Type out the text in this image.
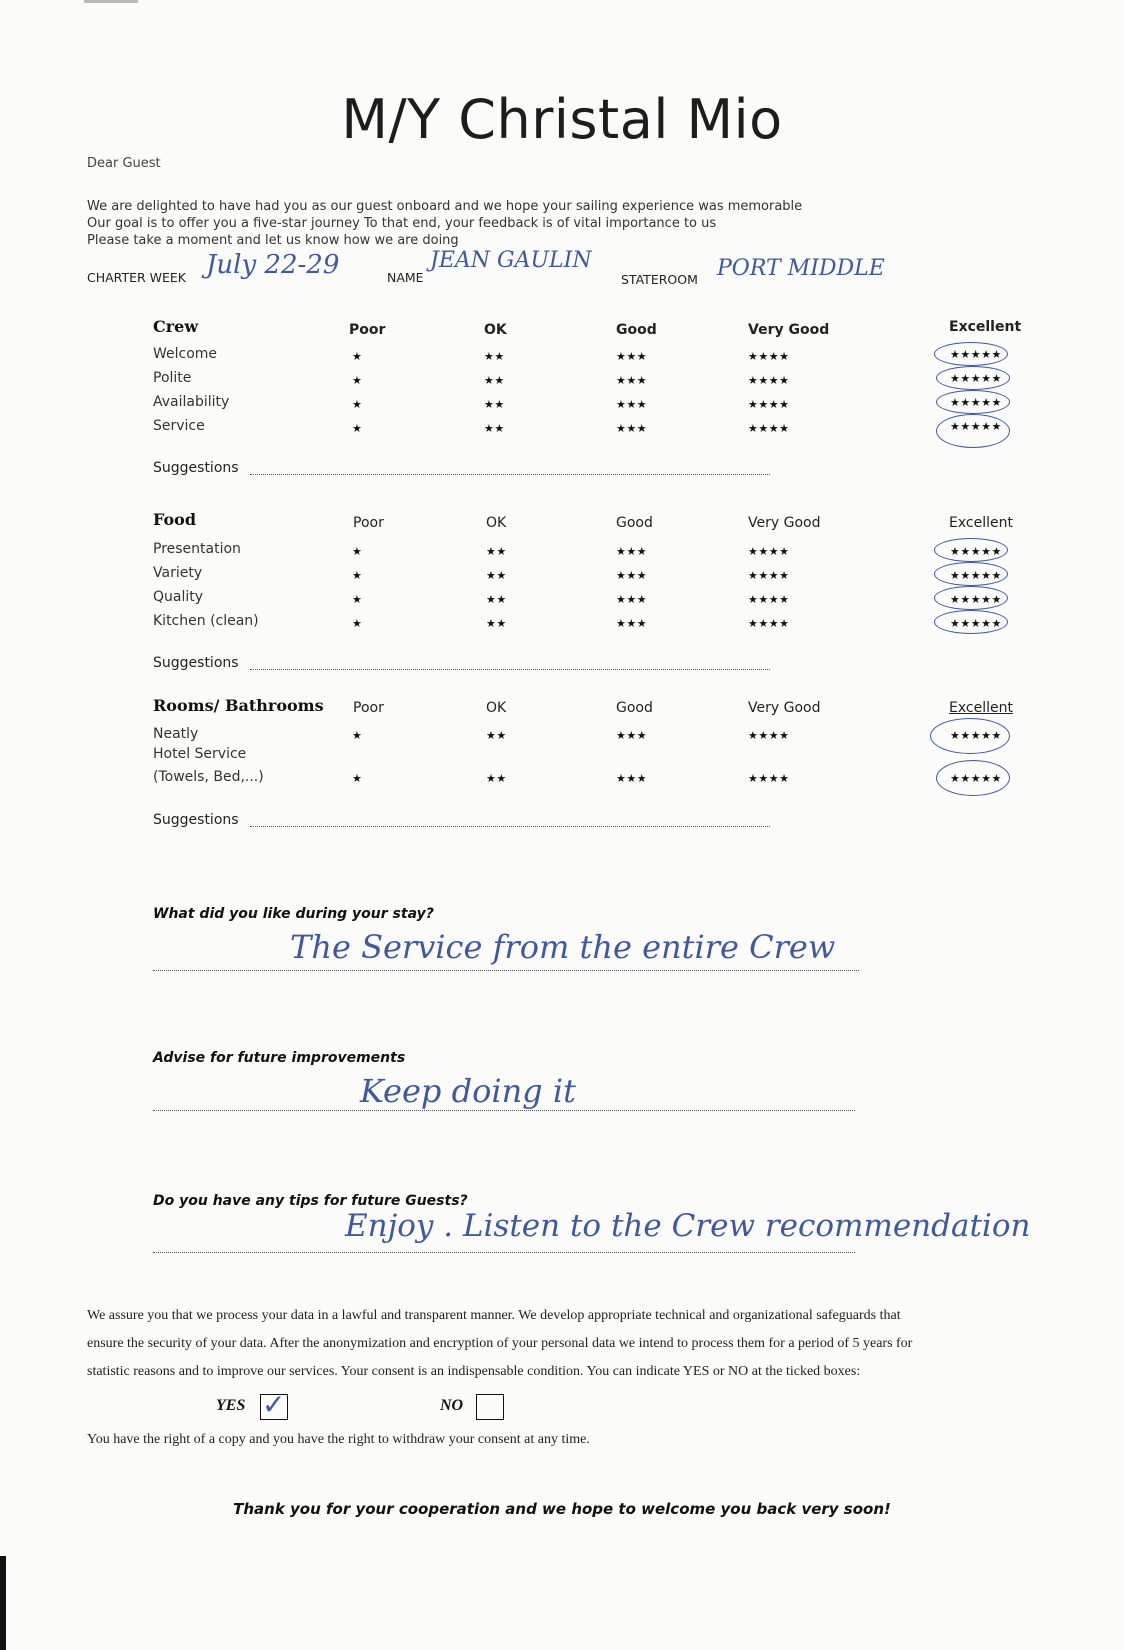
M/Y Christal Mio
Dear Guest
We are delighted to have had you as our guest onboard and we hope your sailing experience was memorable
Our goal is to offer you a five-star journey To that end, your feedback is of vital importance to us
Please take a moment and let us know how we are doing
CHARTER WEEK	NAME	STATEROOM
July 22-29	JEAN GAULIN	PORT MIDDLE
Crew	Poor	OK	Good	Very Good	Excellent
Welcome	★	★★	★★★	★★★★	★★★★★
Polite	★	★★	★★★	★★★★	★★★★★
Availability	★	★★	★★★	★★★★	★★★★★
Service	★	★★	★★★	★★★★	★★★★★
Suggestions
Food	Poor	OK	Good	Very Good	Excellent
Presentation	★	★★	★★★	★★★★	★★★★★
Variety	★	★★	★★★	★★★★	★★★★★
Quality	★	★★	★★★	★★★★	★★★★★
Kitchen (clean)	★	★★	★★★	★★★★	★★★★★
Suggestions
Rooms/ Bathrooms Poor	OK	Good	Very Good	Excellent
Neatly	★	★★	★★★	★★★★	★★★★★
Hotel Service
(Towels, Bed,...)	★	★★	★★★	★★★★	★★★★★
Suggestions
What did you like during your stay?
The Service from the entire Crew
Advise for future improvements
Keep doing it
Do you have any tips for future Guests?
Enjoy . Listen to the Crew recommendation
We assure you that we process your data in a lawful and transparent manner. We develop appropriate technical and organizational safeguards that
ensure the security of your data. After the anonymization and encryption of your personal data we intend to process them for a period of 5 years for
statistic reasons and to improve our services. Your consent is an indispensable condition. You can indicate YES or NO at the ticked boxes:
YES ✓	NO
You have the right of a copy and you have the right to withdraw your consent at any time.
Thank you for your cooperation and we hope to welcome you back very soon!
